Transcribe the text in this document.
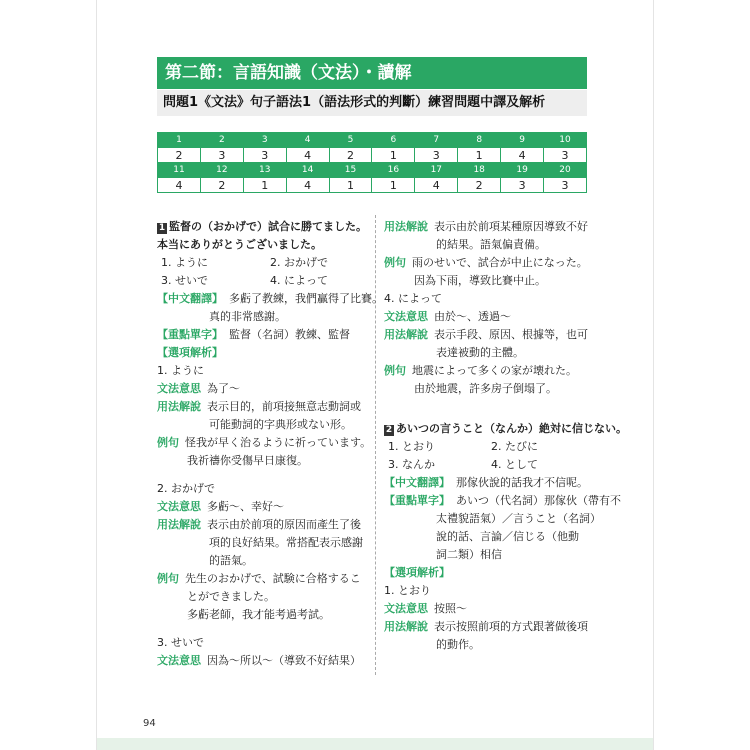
第二節：言語知識（文法）・讀解
問題1《文法》句子語法1（語法形式的判斷）練習問題中譯及解析
1	2	3	4	5	6	7	8	9	10
2	3	3	4	2	1	3	1	4	3
11	12	13	14	15	16	17	18	19	20
4	2	1	4	1	1	4	2	3	3
1 監督の（おかげで）試合に勝てました。
本当にありがとうございました。
1. ように	2. おかげで
3. せいで	4. によって
【中文翻譯】 多虧了教練，我們贏得了比賽。
真的非常感謝。
【重點單字】 監督（名詞）教練、監督
【選項解析】
1. ように
文法意思 為了～
用法解說 表示目的，前項接無意志動詞或
可能動詞的字典形或ない形。
例句 怪我が早く治るように祈っています。
我祈禱你受傷早日康復。
2. おかげで
文法意思 多虧～、幸好～
用法解說 表示由於前項的原因而產生了後
項的良好結果。常搭配表示感謝
的語氣。
例句 先生のおかげで、試験に合格するこ
とができました。
多虧老師，我才能考過考試。
3. せいで
文法意思 因為～所以～（導致不好結果）
用法解說 表示由於前項某種原因導致不好
的結果。語氣偏責備。
例句 雨のせいで、試合が中止になった。
因為下雨，導致比賽中止。
4. によって
文法意思 由於～、透過～
用法解說 表示手段、原因、根據等，也可
表達被動的主體。
例句 地震によって多くの家が壊れた。
由於地震，許多房子倒塌了。
2 あいつの言うこと（なんか）絶対に信じない。
1. とおり	2. たびに
3. なんか	4. として
【中文翻譯】 那傢伙說的話我才不信呢。
【重點單字】 あいつ（代名詞）那傢伙（帶有不
太禮貌語氣）／言うこと（名詞）
說的話、言論／信じる（他動
詞二類）相信
【選項解析】
1. とおり
文法意思 按照～
用法解說 表示按照前項的方式跟著做後項
的動作。
94
